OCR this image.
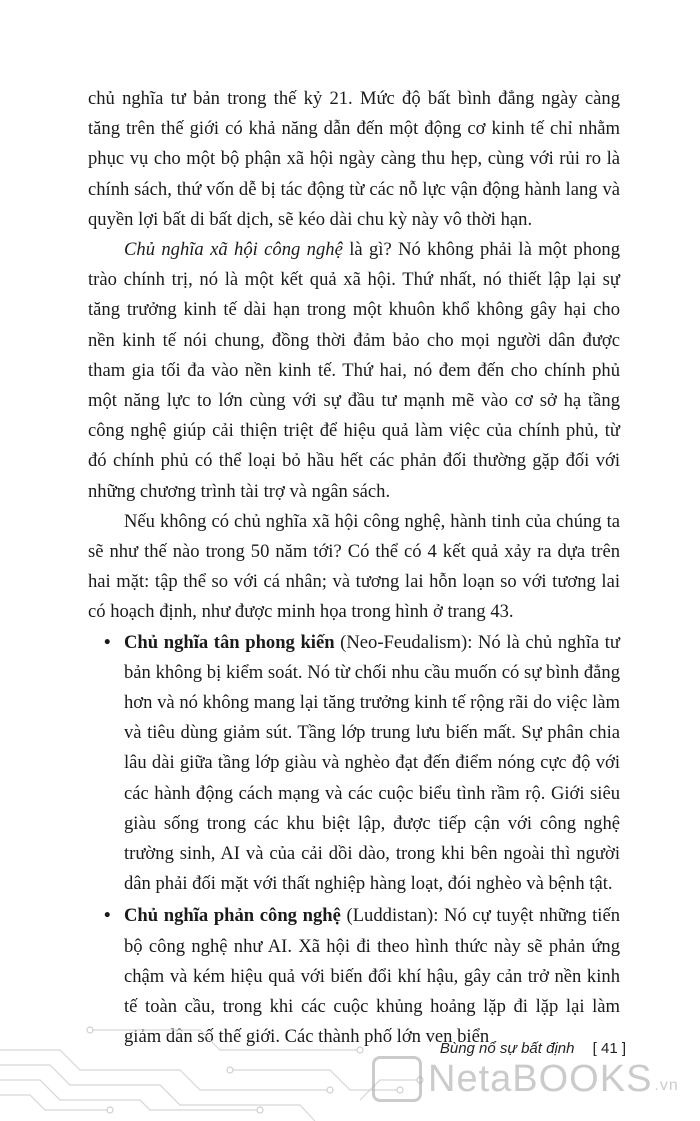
chủ nghĩa tư bản trong thế kỷ 21. Mức độ bất bình đẳng ngày càng tăng trên thế giới có khả năng dẫn đến một động cơ kinh tế chỉ nhằm phục vụ cho một bộ phận xã hội ngày càng thu hẹp, cùng với rủi ro là chính sách, thứ vốn dễ bị tác động từ các nỗ lực vận động hành lang và quyền lợi bất di bất dịch, sẽ kéo dài chu kỳ này vô thời hạn.

Chủ nghĩa xã hội công nghệ là gì? Nó không phải là một phong trào chính trị, nó là một kết quả xã hội. Thứ nhất, nó thiết lập lại sự tăng trưởng kinh tế dài hạn trong một khuôn khổ không gây hại cho nền kinh tế nói chung, đồng thời đảm bảo cho mọi người dân được tham gia tối đa vào nền kinh tế. Thứ hai, nó đem đến cho chính phủ một năng lực to lớn cùng với sự đầu tư mạnh mẽ vào cơ sở hạ tầng công nghệ giúp cải thiện triệt để hiệu quả làm việc của chính phủ, từ đó chính phủ có thể loại bỏ hầu hết các phản đối thường gặp đối với những chương trình tài trợ và ngân sách.

Nếu không có chủ nghĩa xã hội công nghệ, hành tinh của chúng ta sẽ như thế nào trong 50 năm tới? Có thể có 4 kết quả xảy ra dựa trên hai mặt: tập thể so với cá nhân; và tương lai hỗn loạn so với tương lai có hoạch định, như được minh họa trong hình ở trang 43.

• Chủ nghĩa tân phong kiến (Neo-Feudalism): Nó là chủ nghĩa tư bản không bị kiểm soát. Nó từ chối nhu cầu muốn có sự bình đẳng hơn và nó không mang lại tăng trưởng kinh tế rộng rãi do việc làm và tiêu dùng giảm sút. Tầng lớp trung lưu biến mất. Sự phân chia lâu dài giữa tầng lớp giàu và nghèo đạt đến điểm nóng cực độ với các hành động cách mạng và các cuộc biểu tình rầm rộ. Giới siêu giàu sống trong các khu biệt lập, được tiếp cận với công nghệ trường sinh, AI và của cải dồi dào, trong khi bên ngoài thì người dân phải đối mặt với thất nghiệp hàng loạt, đói nghèo và bệnh tật.
• Chủ nghĩa phản công nghệ (Luddistan): Nó cự tuyệt những tiến bộ công nghệ như AI. Xã hội đi theo hình thức này sẽ phản ứng chậm và kém hiệu quả với biến đổi khí hậu, gây cản trở nền kinh tế toàn cầu, trong khi các cuộc khủng hoảng lặp đi lặp lại làm giảm dân số thế giới. Các thành phố lớn ven biển
Bùng nổ sự bất định [ 41 ]
NetaBOOKS .vn
